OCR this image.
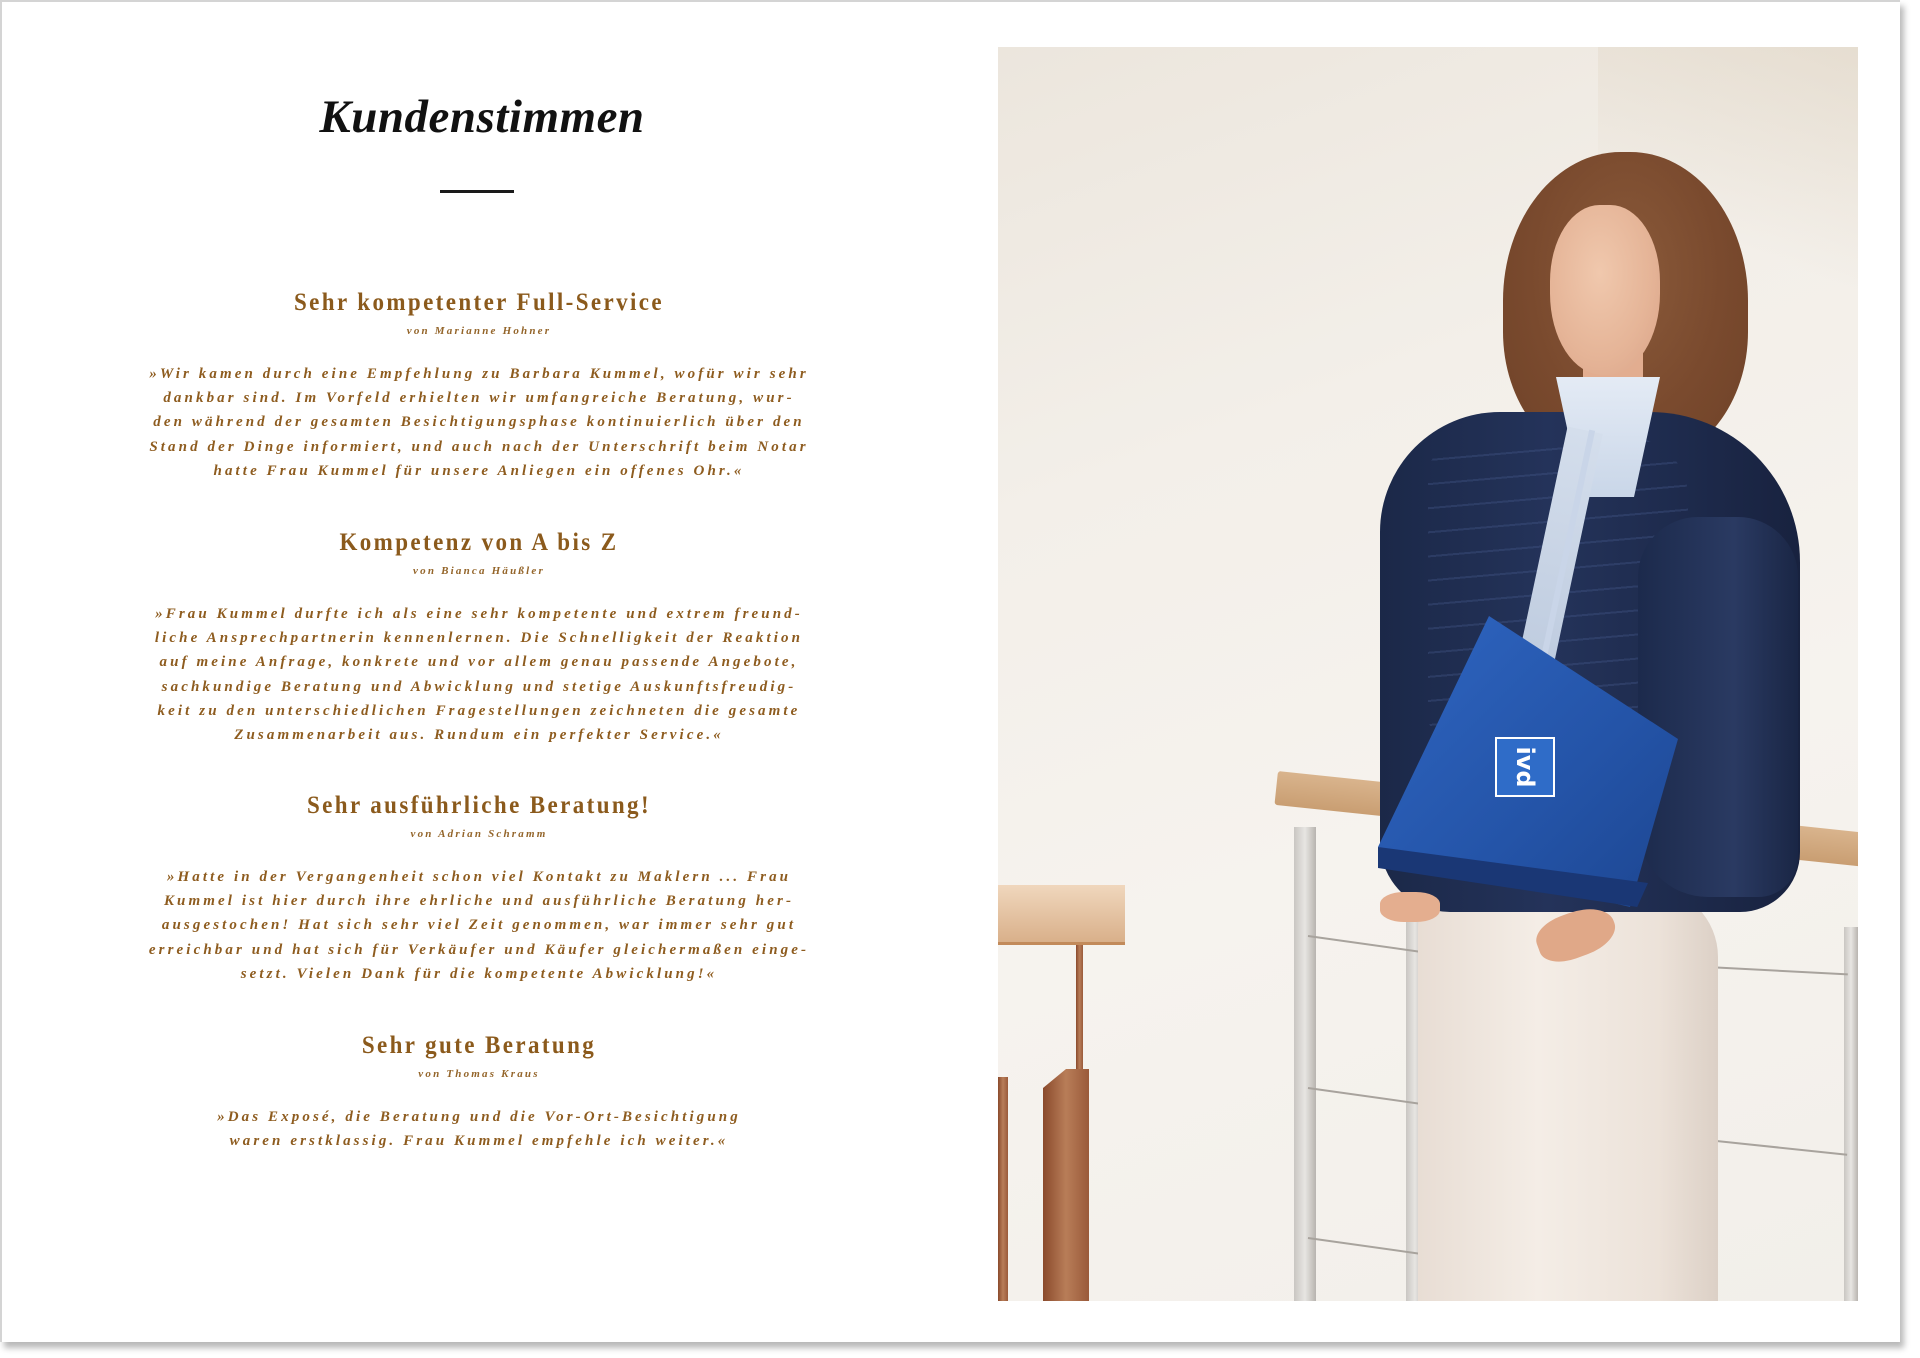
Kundenstimmen
Sehr kompetenter Full-Service
von Marianne Hohner

»Wir kamen durch eine Empfehlung zu Barbara Kummel, wofür wir sehr
dankbar sind. Im Vorfeld erhielten wir umfangreiche Beratung, wur-
den während der gesamten Besichtigungsphase kontinuierlich über den
Stand der Dinge informiert, und auch nach der Unterschrift beim Notar
hatte Frau Kummel für unsere Anliegen ein offenes Ohr.«

Kompetenz von A bis Z
von Bianca Häußler

»Frau Kummel durfte ich als eine sehr kompetente und extrem freund-
liche Ansprechpartnerin kennenlernen. Die Schnelligkeit der Reaktion
auf meine Anfrage, konkrete und vor allem genau passende Angebote,
sachkundige Beratung und Abwicklung und stetige Auskunftsfreudig-
keit zu den unterschiedlichen Fragestellungen zeichneten die gesamte
Zusammenarbeit aus. Rundum ein perfekter Service.«

Sehr ausführliche Beratung!
von Adrian Schramm

»Hatte in der Vergangenheit schon viel Kontakt zu Maklern ... Frau
Kummel ist hier durch ihre ehrliche und ausführliche Beratung her-
ausgestochen! Hat sich sehr viel Zeit genommen, war immer sehr gut
erreichbar und hat sich für Verkäufer und Käufer gleichermaßen einge-
setzt. Vielen Dank für die kompetente Abwicklung!«

Sehr gute Beratung
von Thomas Kraus

»Das Exposé, die Beratung und die Vor-Ort-Besichtigung
waren erstklassig. Frau Kummel empfehle ich weiter.«

ivd
